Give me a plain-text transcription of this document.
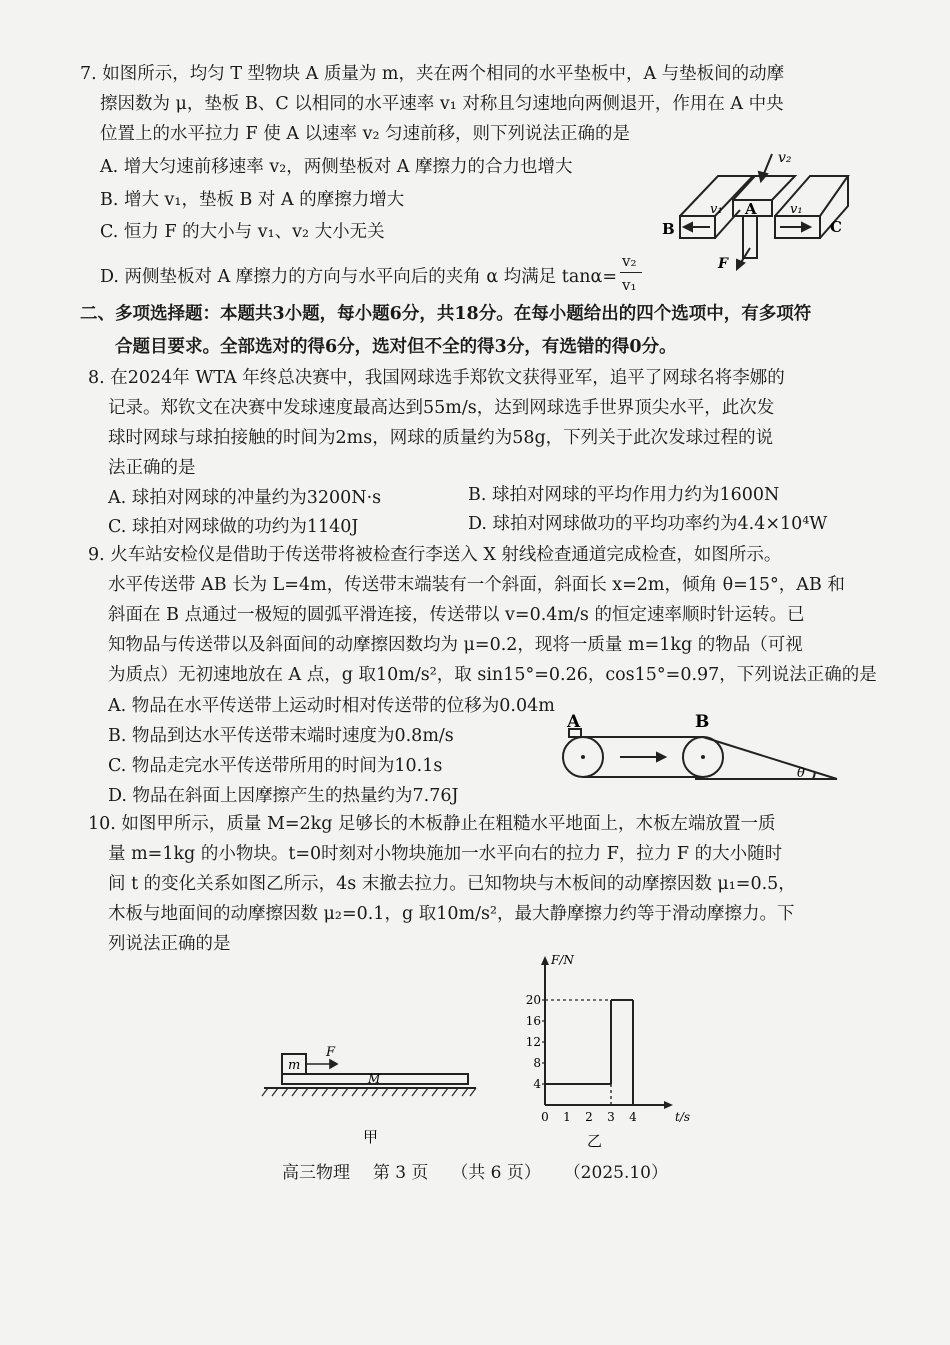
7. 如图所示，均匀 T 型物块 A 质量为 m，夹在两个相同的水平垫板中，A 与垫板间的动摩
擦因数为 μ，垫板 B、C 以相同的水平速率 v₁ 对称且匀速地向两侧退开，作用在 A 中央
位置上的水平拉力 F 使 A 以速率 v₂ 匀速前移，则下列说法正确的是
A. 增大匀速前移速率 v₂，两侧垫板对 A 摩擦力的合力也增大
B. 增大 v₁，垫板 B 对 A 的摩擦力增大
C. 恒力 F 的大小与 v₁、v₂ 大小无关
D. 两侧垫板对 A 摩擦力的方向与水平向后的夹角 α 均满足 tanα=
v₂
v₁
v₂
v₁ A	v₁
B	C
F
二、多项选择题：本题共3小题，每小题6分，共18分。在每小题给出的四个选项中，有多项符
合题目要求。全部选对的得6分，选对但不全的得3分，有选错的得0分。
8. 在2024年 WTA 年终总决赛中，我国网球选手郑钦文获得亚军，追平了网球名将李娜的
记录。郑钦文在决赛中发球速度最高达到55m/s，达到网球选手世界顶尖水平，此次发
球时网球与球拍接触的时间为2ms，网球的质量约为58g，下列关于此次发球过程的说
法正确的是
A. 球拍对网球的冲量约为3200N·s	B. 球拍对网球的平均作用力约为1600N
C. 球拍对网球做的功约为1140J	D. 球拍对网球做功的平均功率约为4.4×10⁴W
9. 火车站安检仪是借助于传送带将被检查行李送入 X 射线检查通道完成检查，如图所示。
水平传送带 AB 长为 L=4m，传送带末端装有一个斜面，斜面长 x=2m，倾角 θ=15°，AB 和
斜面在 B 点通过一极短的圆弧平滑连接，传送带以 v=0.4m/s 的恒定速率顺时针运转。已
知物品与传送带以及斜面间的动摩擦因数均为 μ=0.2，现将一质量 m=1kg 的物品（可视
为质点）无初速地放在 A 点，g 取10m/s²，取 sin15°=0.26，cos15°=0.97，下列说法正确的是
A. 物品在水平传送带上运动时相对传送带的位移为0.04m
B. 物品到达水平传送带末端时速度为0.8m/s
C. 物品走完水平传送带所用的时间为10.1s
D. 物品在斜面上因摩擦产生的热量约为7.76J
A	B
θ
10. 如图甲所示，质量 M=2kg 足够长的木板静止在粗糙水平地面上，木板左端放置一质
量 m=1kg 的小物块。t=0时刻对小物块施加一水平向右的拉力 F，拉力 F 的大小随时
间 t 的变化关系如图乙所示，4s 末撤去拉力。已知物块与木板间的动摩擦因数 μ₁=0.5，
木板与地面间的动摩擦因数 μ₂=0.1，g 取10m/s²，最大静摩擦力约等于滑动摩擦力。下
列说法正确的是
m
F
M
甲
F/N
t/s
4
8
12
16
20
0 1 2 3 4
乙
高三物理 第 3 页 （共 6 页） （2025.10）
